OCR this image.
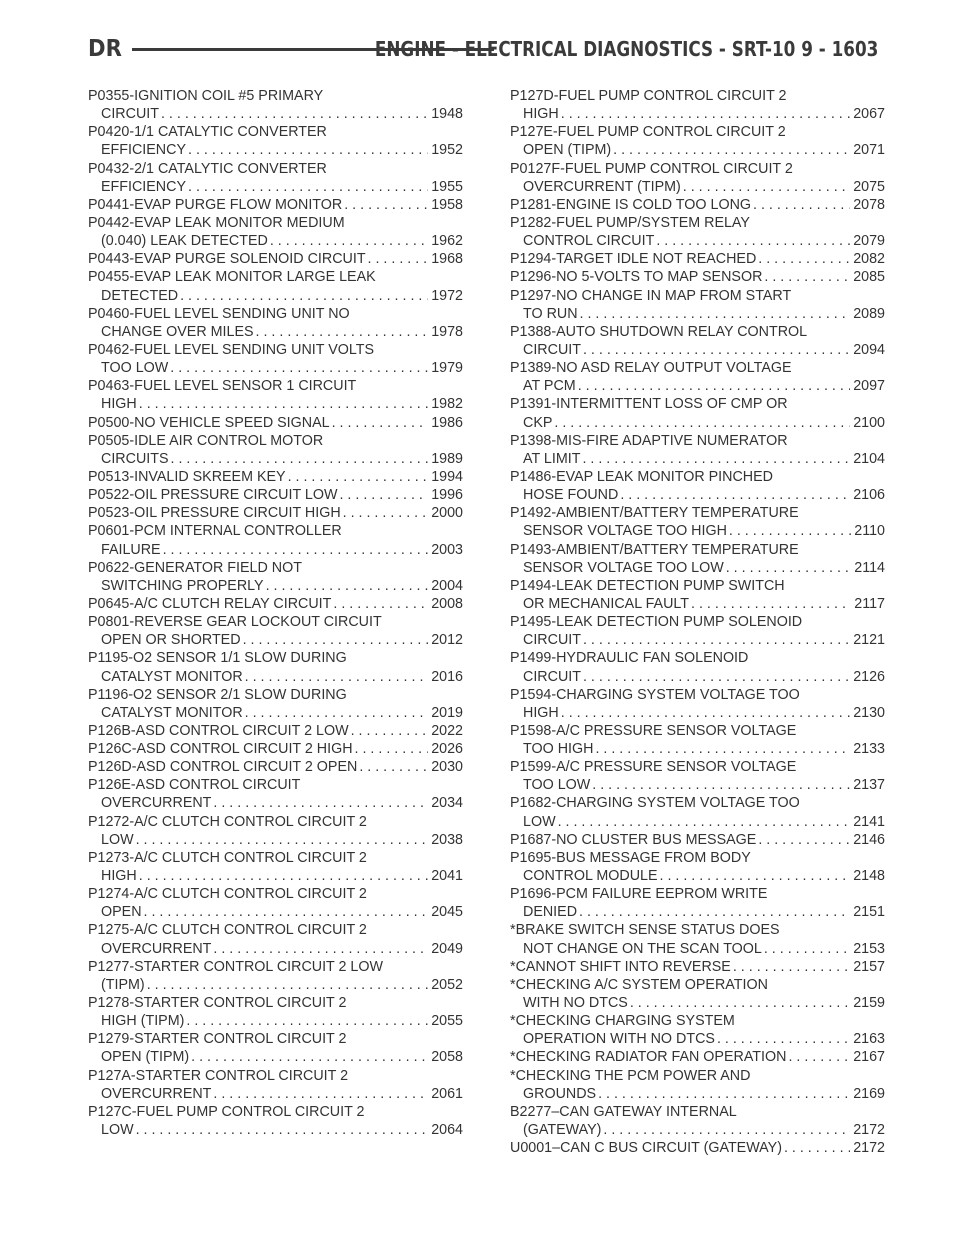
DR	ENGINE - ELECTRICAL DIAGNOSTICS - SRT-10 9 - 1603
P0355-IGNITION COIL #5 PRIMARY
CIRCUIT . . .	1948
P0420-1/1 CATALYTIC CONVERTER
EFFICIENCY . . .	1952
P0432-2/1 CATALYTIC CONVERTER
EFFICIENCY . . .	1955
P0441-EVAP PURGE FLOW MONITOR . . .	1958
P0442-EVAP LEAK MONITOR MEDIUM
(0.040) LEAK DETECTED . . .	1962
P0443-EVAP PURGE SOLENOID CIRCUIT . . .	1968
P0455-EVAP LEAK MONITOR LARGE LEAK
DETECTED . . .	1972
P0460-FUEL LEVEL SENDING UNIT NO
CHANGE OVER MILES . . .	1978
P0462-FUEL LEVEL SENDING UNIT VOLTS
TOO LOW . . .	1979
P0463-FUEL LEVEL SENSOR 1 CIRCUIT
HIGH . . .	1982
P0500-NO VEHICLE SPEED SIGNAL . . .	1986
P0505-IDLE AIR CONTROL MOTOR
CIRCUITS . . .	1989
P0513-INVALID SKREEM KEY . . .	1994
P0522-OIL PRESSURE CIRCUIT LOW . . .	1996
P0523-OIL PRESSURE CIRCUIT HIGH . . .	2000
P0601-PCM INTERNAL CONTROLLER
FAILURE . . .	2003
P0622-GENERATOR FIELD NOT
SWITCHING PROPERLY . . .	2004
P0645-A/C CLUTCH RELAY CIRCUIT . . .	2008
P0801-REVERSE GEAR LOCKOUT CIRCUIT
OPEN OR SHORTED . . .	2012
P1195-O2 SENSOR 1/1 SLOW DURING
CATALYST MONITOR . . .	2016
P1196-O2 SENSOR 2/1 SLOW DURING
CATALYST MONITOR . . .	2019
P126B-ASD CONTROL CIRCUIT 2 LOW . . .	2022
P126C-ASD CONTROL CIRCUIT 2 HIGH . . .	2026
P126D-ASD CONTROL CIRCUIT 2 OPEN . . .	2030
P126E-ASD CONTROL CIRCUIT
OVERCURRENT . . .	2034
P1272-A/C CLUTCH CONTROL CIRCUIT 2
LOW . . .	2038
P1273-A/C CLUTCH CONTROL CIRCUIT 2
HIGH . . .	2041
P1274-A/C CLUTCH CONTROL CIRCUIT 2
OPEN . . .	2045
P1275-A/C CLUTCH CONTROL CIRCUIT 2
OVERCURRENT . . .	2049
P1277-STARTER CONTROL CIRCUIT 2 LOW
(TIPM) . . .	2052
P1278-STARTER CONTROL CIRCUIT 2
HIGH (TIPM) . . .	2055
P1279-STARTER CONTROL CIRCUIT 2
OPEN (TIPM) . . .	2058
P127A-STARTER CONTROL CIRCUIT 2
OVERCURRENT . . .	2061
P127C-FUEL PUMP CONTROL CIRCUIT 2
LOW . . .	2064
P127D-FUEL PUMP CONTROL CIRCUIT 2
HIGH . . .	2067
P127E-FUEL PUMP CONTROL CIRCUIT 2
OPEN (TIPM) . . .	2071
P0127F-FUEL PUMP CONTROL CIRCUIT 2
OVERCURRENT (TIPM) . . .	2075
P1281-ENGINE IS COLD TOO LONG . . .	2078
P1282-FUEL PUMP/SYSTEM RELAY
CONTROL CIRCUIT . . .	2079
P1294-TARGET IDLE NOT REACHED . . .	2082
P1296-NO 5-VOLTS TO MAP SENSOR . . .	2085
P1297-NO CHANGE IN MAP FROM START
TO RUN . . .	2089
P1388-AUTO SHUTDOWN RELAY CONTROL
CIRCUIT . . .	2094
P1389-NO ASD RELAY OUTPUT VOLTAGE
AT PCM . . .	2097
P1391-INTERMITTENT LOSS OF CMP OR
CKP . . .	2100
P1398-MIS-FIRE ADAPTIVE NUMERATOR
AT LIMIT . . .	2104
P1486-EVAP LEAK MONITOR PINCHED
HOSE FOUND . . .	2106
P1492-AMBIENT/BATTERY TEMPERATURE
SENSOR VOLTAGE TOO HIGH . . .	2110
P1493-AMBIENT/BATTERY TEMPERATURE
SENSOR VOLTAGE TOO LOW . . .	2114
P1494-LEAK DETECTION PUMP SWITCH
OR MECHANICAL FAULT . . .	2117
P1495-LEAK DETECTION PUMP SOLENOID
CIRCUIT . . .	2121
P1499-HYDRAULIC FAN SOLENOID
CIRCUIT . . .	2126
P1594-CHARGING SYSTEM VOLTAGE TOO
HIGH . . .	2130
P1598-A/C PRESSURE SENSOR VOLTAGE
TOO HIGH . . .	2133
P1599-A/C PRESSURE SENSOR VOLTAGE
TOO LOW . . .	2137
P1682-CHARGING SYSTEM VOLTAGE TOO
LOW . . .	2141
P1687-NO CLUSTER BUS MESSAGE . . .	2146
P1695-BUS MESSAGE FROM BODY
CONTROL MODULE . . .	2148
P1696-PCM FAILURE EEPROM WRITE
DENIED . . .	2151
*BRAKE SWITCH SENSE STATUS DOES
NOT CHANGE ON THE SCAN TOOL . . .	2153
*CANNOT SHIFT INTO REVERSE . . .	2157
*CHECKING A/C SYSTEM OPERATION
WITH NO DTCS . . .	2159
*CHECKING CHARGING SYSTEM
OPERATION WITH NO DTCS . . .	2163
*CHECKING RADIATOR FAN OPERATION . . .	2167
*CHECKING THE PCM POWER AND
GROUNDS . . .	2169
B2277–CAN GATEWAY INTERNAL
(GATEWAY) . . .	2172
U0001–CAN C BUS CIRCUIT (GATEWAY) . . .	2172
